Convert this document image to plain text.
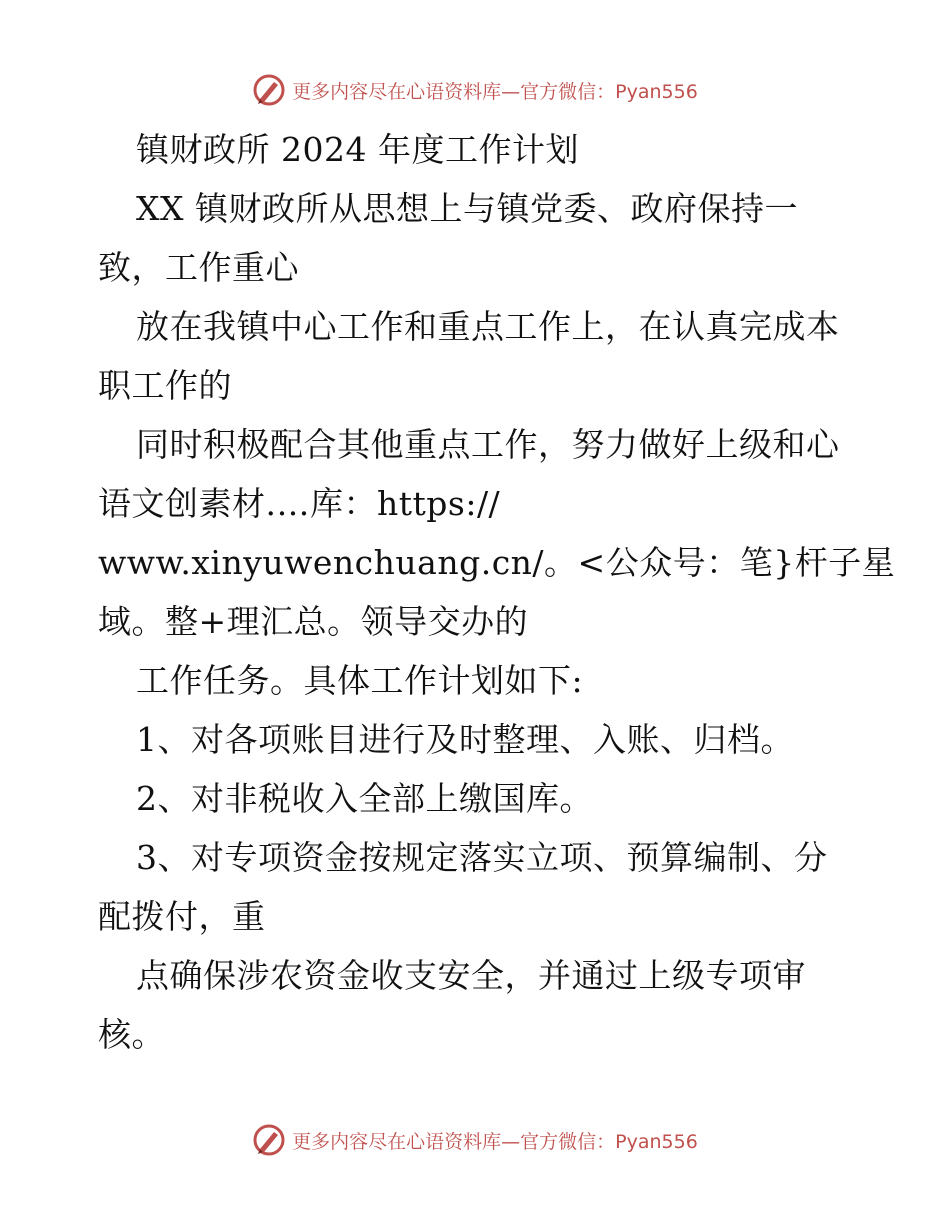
更多内容尽在心语资料库—官方微信：Pyan556
镇财政所 2024 年度工作计划
XX 镇财政所从思想上与镇党委、政府保持一
致，工作重心
放在我镇中心工作和重点工作上，在认真完成本
职工作的
同时积极配合其他重点工作，努力做好上级和心
语文创素材.…库：https://
www.xinyuwenchuang.cn/。<公众号：笔}杆子星
域。整+理汇总。领导交办的
工作任务。具体工作计划如下:
1、对各项账目进行及时整理、入账、归档。
2、对非税收入全部上缴国库。
3、对专项资金按规定落实立项、预算编制、分
配拨付，重
点确保涉农资金收支安全，并通过上级专项审
核。
更多内容尽在心语资料库—官方微信：Pyan556
